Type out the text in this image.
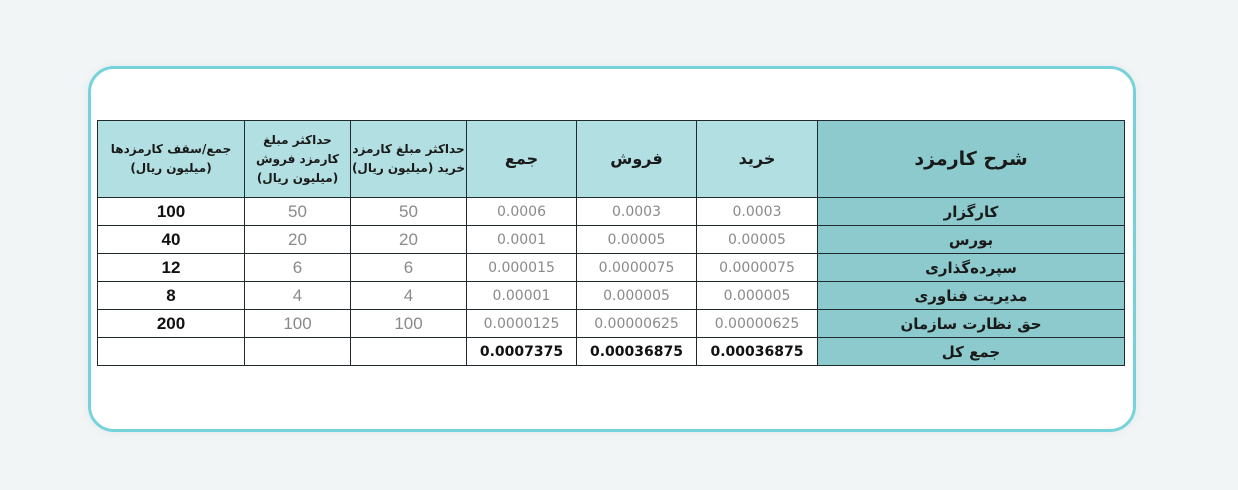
جمع/سقف کارمزدها (میلیون ریال)	حداکثر مبلغ کارمزد فروش (میلیون ریال)	حداکثر مبلغ کارمزد خرید (میلیون ریال)	جمع	فروش	خرید	شرح کارمزد
100	50	50	0.0006	0.0003	0.0003	کارگزار
40	20	20	0.0001	0.00005	0.00005	بورس
12	6	6	0.000015	0.0000075	0.0000075	سپرده‌گذاری
8	4	4	0.00001	0.000005	0.000005	مدیریت فناوری
200	100	100	0.0000125	0.00000625	0.00000625	حق نظارت سازمان
			0.0007375	0.00036875	0.00036875	جمع کل
